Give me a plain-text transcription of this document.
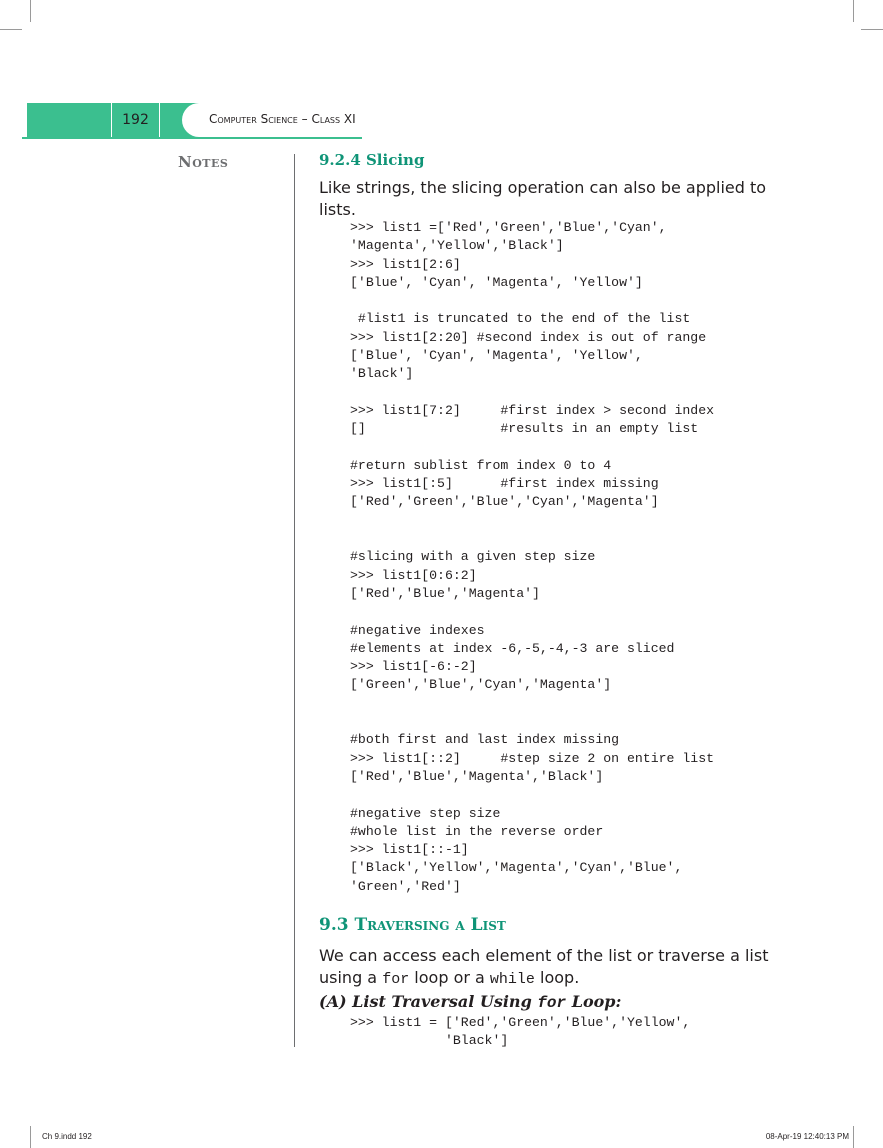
192	Computer Science – Class XI
Notes	9.2.4 Slicing
Like strings, the slicing operation can also be applied to lists.
>>> list1 =['Red','Green','Blue','Cyan',
'Magenta','Yellow','Black']
>>> list1[2:6]
['Blue', 'Cyan', 'Magenta', 'Yellow']

#list1 is truncated to the end of the list
>>> list1[2:20] #second index is out of range
['Blue', 'Cyan', 'Magenta', 'Yellow',
'Black']

>>> list1[7:2]     #first index > second index
[]                 #results in an empty list

#return sublist from index 0 to 4
>>> list1[:5]      #first index missing
['Red','Green','Blue','Cyan','Magenta']

#slicing with a given step size
>>> list1[0:6:2]
['Red','Blue','Magenta']

#negative indexes
#elements at index -6,-5,-4,-3 are sliced
>>> list1[-6:-2]
['Green','Blue','Cyan','Magenta']

#both first and last index missing
>>> list1[::2]     #step size 2 on entire list
['Red','Blue','Magenta','Black']

#negative step size
#whole list in the reverse order
>>> list1[::-1]
['Black','Yellow','Magenta','Cyan','Blue',
'Green','Red']
9.3 Traversing a List
We can access each element of the list or traverse a list using a for loop or a while loop.
(A) List Traversal Using for Loop:
>>> list1 = ['Red','Green','Blue','Yellow',
'Black']
Ch 9.indd 192	08-Apr-19 12:40:13 PM
